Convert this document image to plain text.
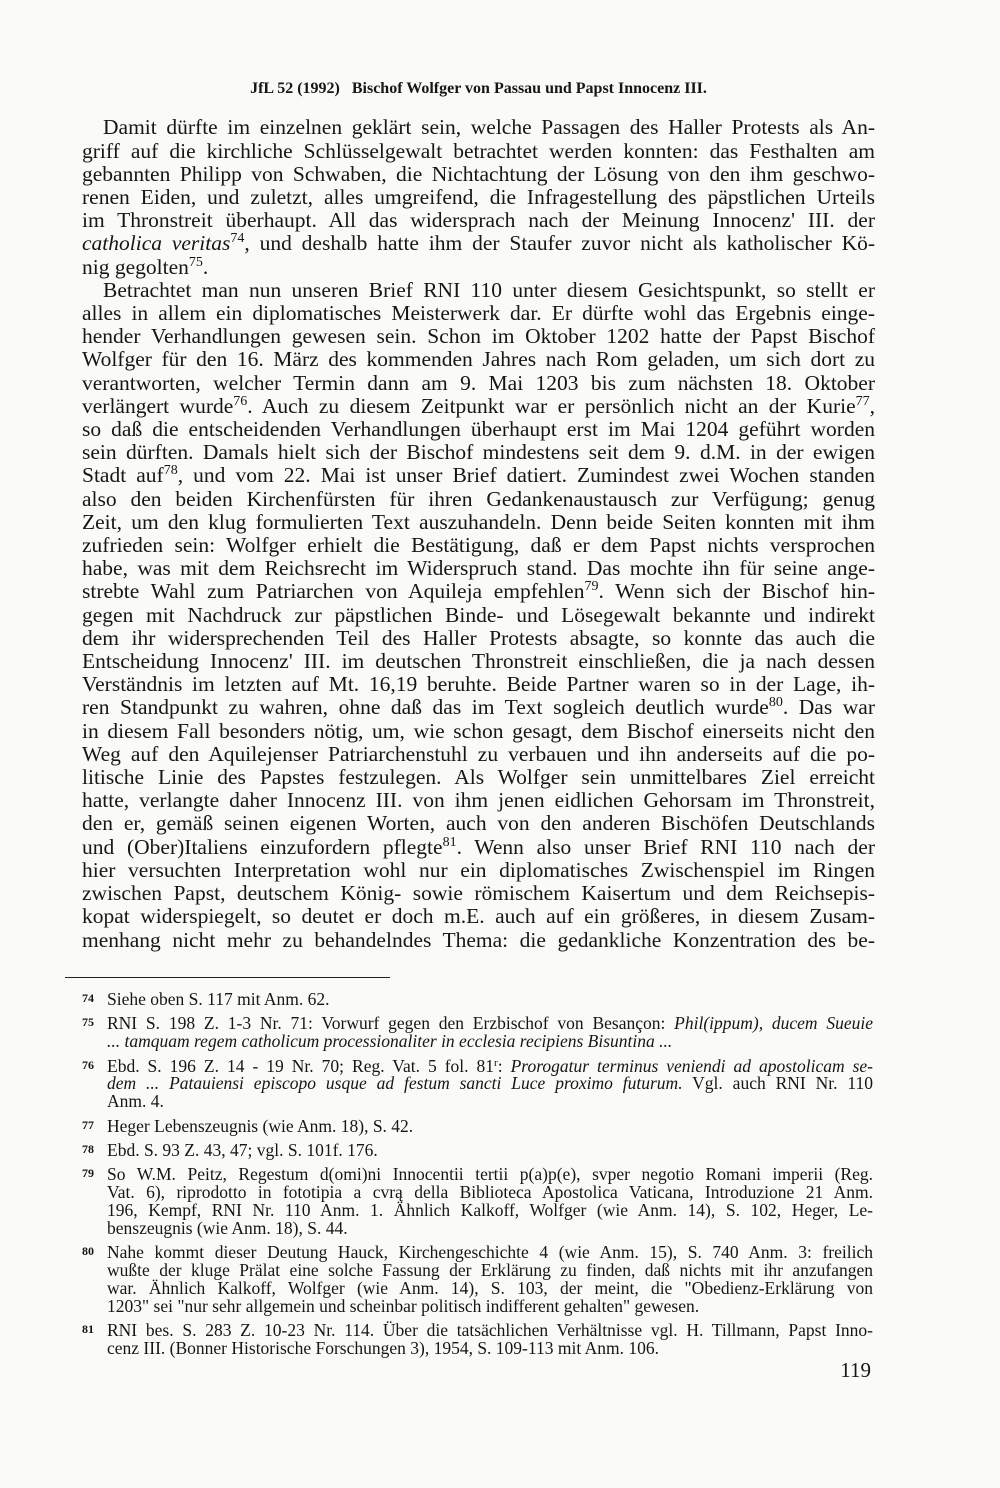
JfL 52 (1992) Bischof Wolfger von Passau und Papst Innocenz III.
Damit dürfte im einzelnen geklärt sein, welche Passagen des Haller Protests als An-
griff auf die kirchliche Schlüsselgewalt betrachtet werden konnten: das Festhalten am
gebannten Philipp von Schwaben, die Nichtachtung der Lösung von den ihm geschwo-
renen Eiden, und zuletzt, alles umgreifend, die Infragestellung des päpstlichen Urteils
im Thronstreit überhaupt. All das widersprach nach der Meinung Innocenz' III. der
catholica veritas$^{74}$, und deshalb hatte ihm der Staufer zuvor nicht als katholischer Kö-
nig gegolten$^{75}$.
Betrachtet man nun unseren Brief RNI 110 unter diesem Gesichtspunkt, so stellt er
alles in allem ein diplomatisches Meisterwerk dar. Er dürfte wohl das Ergebnis einge-
hender Verhandlungen gewesen sein. Schon im Oktober 1202 hatte der Papst Bischof
Wolfger für den 16. März des kommenden Jahres nach Rom geladen, um sich dort zu
verantworten, welcher Termin dann am 9. Mai 1203 bis zum nächsten 18. Oktober
verlängert wurde$^{76}$. Auch zu diesem Zeitpunkt war er persönlich nicht an der Kurie$^{77}$,
so daß die entscheidenden Verhandlungen überhaupt erst im Mai 1204 geführt worden
sein dürften. Damals hielt sich der Bischof mindestens seit dem 9. d.M. in der ewigen
Stadt auf$^{78}$, und vom 22. Mai ist unser Brief datiert. Zumindest zwei Wochen standen
also den beiden Kirchenfürsten für ihren Gedankenaustausch zur Verfügung; genug
Zeit, um den klug formulierten Text auszuhandeln. Denn beide Seiten konnten mit ihm
zufrieden sein: Wolfger erhielt die Bestätigung, daß er dem Papst nichts versprochen
habe, was mit dem Reichsrecht im Widerspruch stand. Das mochte ihn für seine ange-
strebte Wahl zum Patriarchen von Aquileja empfehlen$^{79}$. Wenn sich der Bischof hin-
gegen mit Nachdruck zur päpstlichen Binde- und Lösegewalt bekannte und indirekt
dem ihr widersprechenden Teil des Haller Protests absagte, so konnte das auch die
Entscheidung Innocenz' III. im deutschen Thronstreit einschließen, die ja nach dessen
Verständnis im letzten auf Mt. 16,19 beruhte. Beide Partner waren so in der Lage, ih-
ren Standpunkt zu wahren, ohne daß das im Text sogleich deutlich wurde$^{80}$. Das war
in diesem Fall besonders nötig, um, wie schon gesagt, dem Bischof einerseits nicht den
Weg auf den Aquilejenser Patriarchenstuhl zu verbauen und ihn anderseits auf die po-
litische Linie des Papstes festzulegen. Als Wolfger sein unmittelbares Ziel erreicht
hatte, verlangte daher Innocenz III. von ihm jenen eidlichen Gehorsam im Thronstreit,
den er, gemäß seinen eigenen Worten, auch von den anderen Bischöfen Deutschlands
und (Ober)Italiens einzufordern pflegte$^{81}$. Wenn also unser Brief RNI 110 nach der
hier versuchten Interpretation wohl nur ein diplomatisches Zwischenspiel im Ringen
zwischen Papst, deutschem König- sowie römischem Kaisertum und dem Reichsepis-
kopat widerspiegelt, so deutet er doch m.E. auch auf ein größeres, in diesem Zusam-
menhang nicht mehr zu behandelndes Thema: die gedankliche Konzentration des be-
74 Siehe oben S. 117 mit Anm. 62.
75 RNI S. 198 Z. 1-3 Nr. 71: Vorwurf gegen den Erzbischof von Besançon: Phil(ippum), ducem Sueuie
... tamquam regem catholicum processionaliter in ecclesia recipiens Bisuntina ...
76 Ebd. S. 196 Z. 14 - 19 Nr. 70; Reg. Vat. 5 fol. 81$^r$: Prorogatur terminus veniendi ad apostolicam se-
dem ... Patauiensi episcopo usque ad festum sancti Luce proximo futurum. Vgl. auch RNI Nr. 110
Anm. 4.
77 Heger Lebenszeugnis (wie Anm. 18), S. 42.
78 Ebd. S. 93 Z. 43, 47; vgl. S. 101f. 176.
79 So W.M. Peitz, Regestum d(omi)ni Innocentii tertii p(a)p(e), svper negotio Romani imperii (Reg.
Vat. 6), riprodotto in fototipia a cvrą della Biblioteca Apostolica Vaticana, Introduzione 21 Anm.
196, Kempf, RNI Nr. 110 Anm. 1. Ähnlich Kalkoff, Wolfger (wie Anm. 14), S. 102, Heger, Le-
benszeugnis (wie Anm. 18), S. 44.
80 Nahe kommt dieser Deutung Hauck, Kirchengeschichte 4 (wie Anm. 15), S. 740 Anm. 3: freilich
wußte der kluge Prälat eine solche Fassung der Erklärung zu finden, daß nichts mit ihr anzufangen
war. Ähnlich Kalkoff, Wolfger (wie Anm. 14), S. 103, der meint, die "Obedienz-Erklärung von
1203" sei "nur sehr allgemein und scheinbar politisch indifferent gehalten" gewesen.
81 RNI bes. S. 283 Z. 10-23 Nr. 114. Über die tatsächlichen Verhältnisse vgl. H. Tillmann, Papst Inno-
cenz III. (Bonner Historische Forschungen 3), 1954, S. 109-113 mit Anm. 106.
119
